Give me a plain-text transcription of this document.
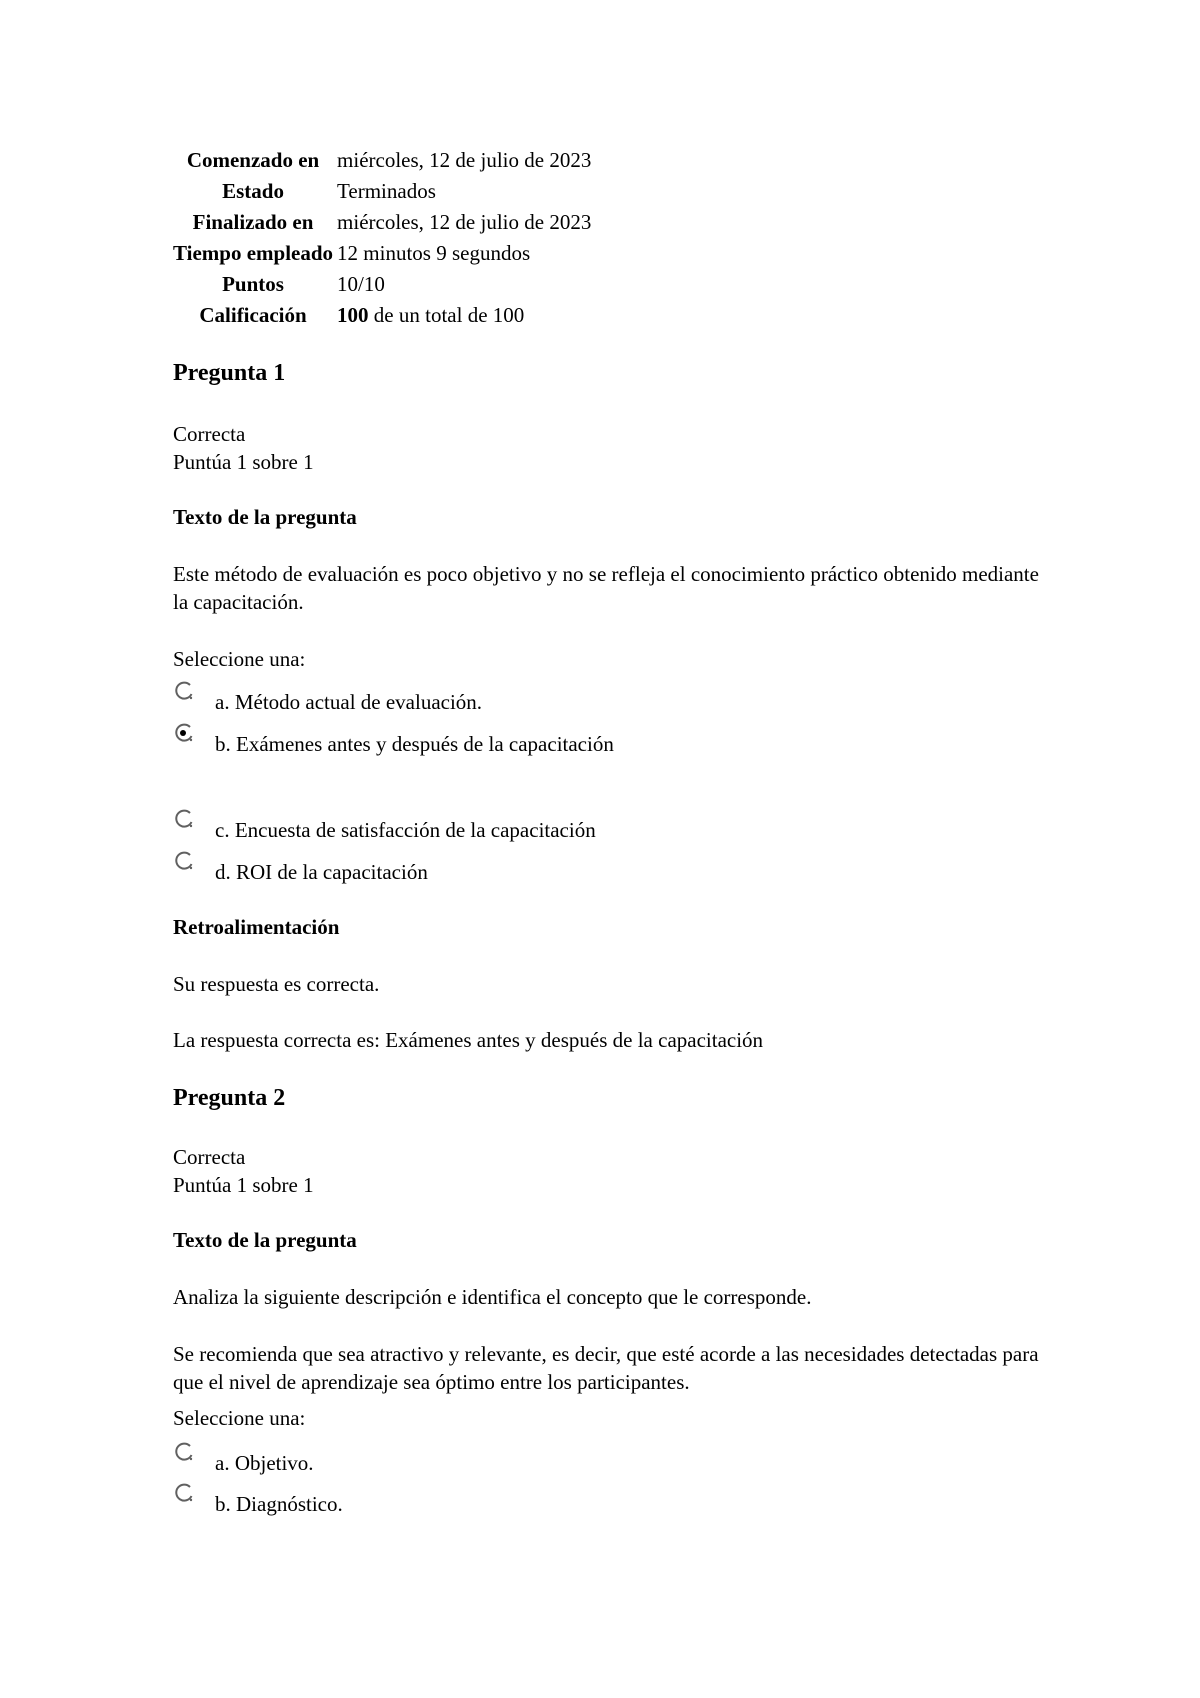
Comenzado en	miércoles, 12 de julio de 2023
Estado	Terminados
Finalizado en	miércoles, 12 de julio de 2023
Tiempo empleado	12 minutos 9 segundos
Puntos	10/10
Calificación	100 de un total de 100
Pregunta 1
Correcta
Puntúa 1 sobre 1
Texto de la pregunta
Este método de evaluación es poco objetivo y no se refleja el conocimiento práctico obtenido mediante la capacitación.
Seleccione una:
a. Método actual de evaluación.
b. Exámenes antes y después de la capacitación
c. Encuesta de satisfacción de la capacitación
d. ROI de la capacitación
Retroalimentación
Su respuesta es correcta.
La respuesta correcta es: Exámenes antes y después de la capacitación
Pregunta 2
Correcta
Puntúa 1 sobre 1
Texto de la pregunta
Analiza la siguiente descripción e identifica el concepto que le corresponde.
Se recomienda que sea atractivo y relevante, es decir, que esté acorde a las necesidades detectadas para que el nivel de aprendizaje sea óptimo entre los participantes.
Seleccione una:
a. Objetivo.
b. Diagnóstico.
